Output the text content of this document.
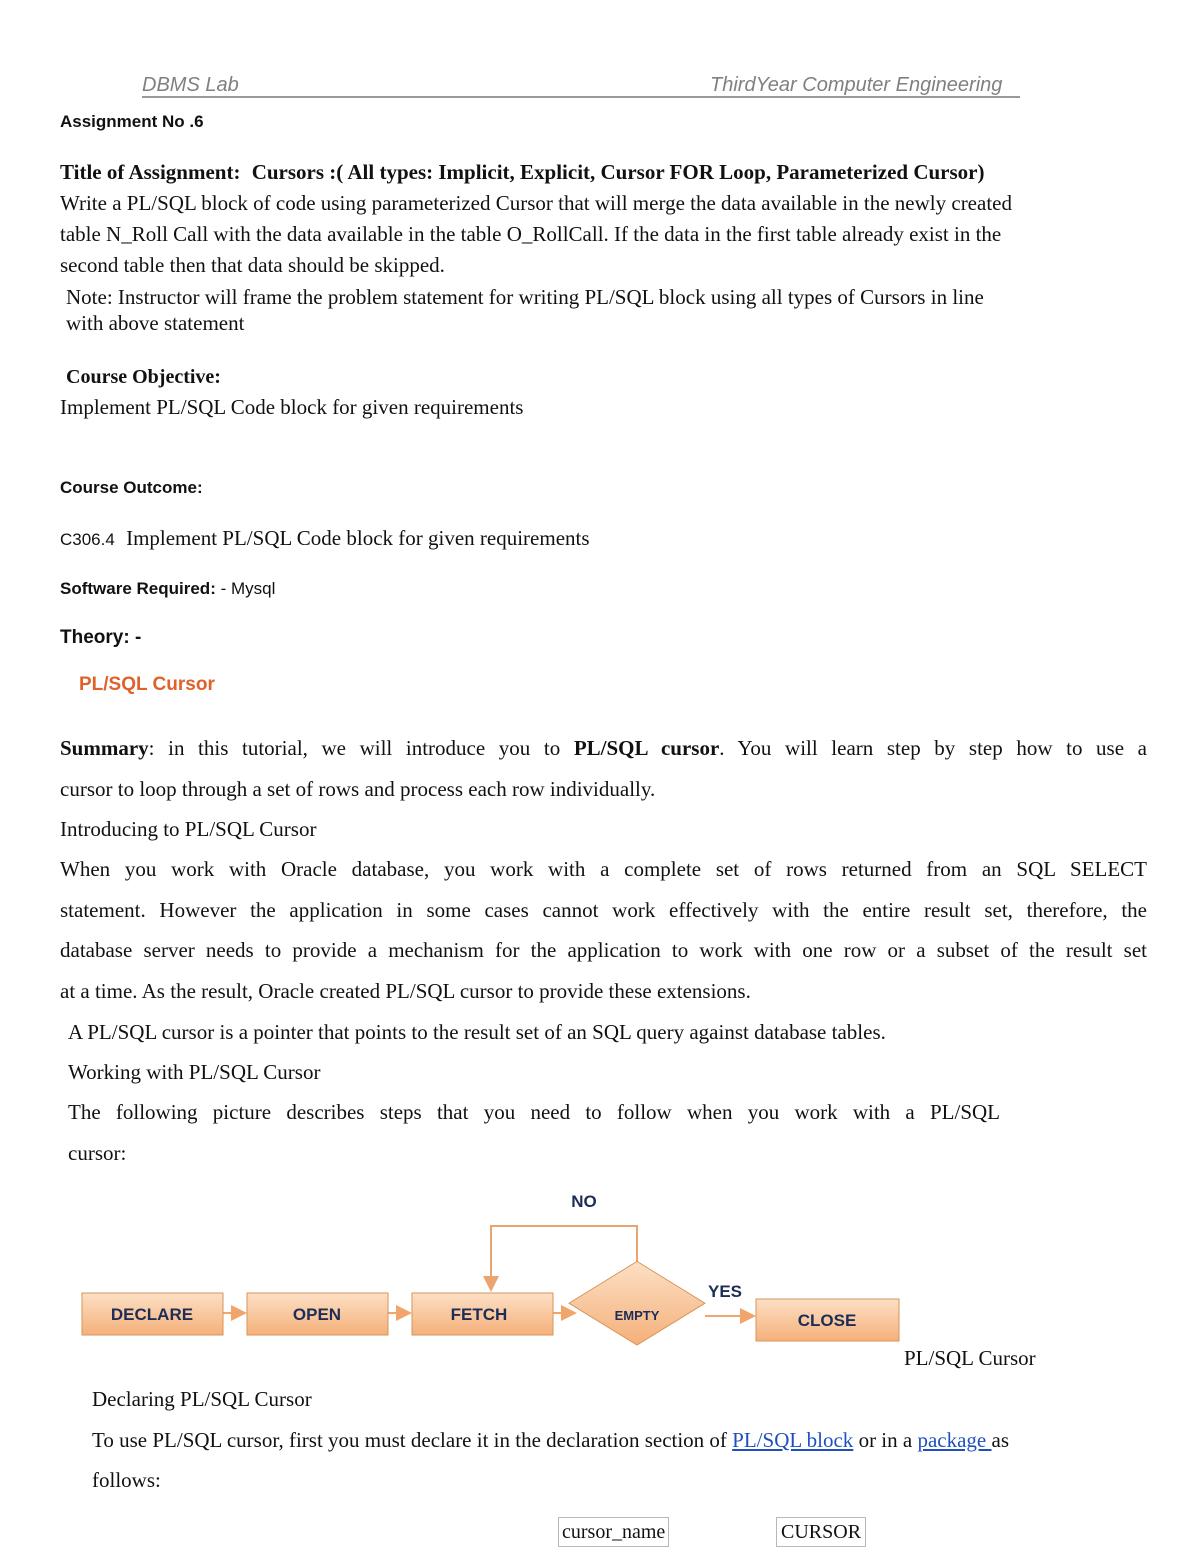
DBMS Lab	ThirdYear Computer Engineering
Assignment No .6
Title of Assignment: Cursors :( All types: Implicit, Explicit, Cursor FOR Loop, Parameterized Cursor)
Write a PL/SQL block of code using parameterized Cursor that will merge the data available in the newly created
table N_Roll Call with the data available in the table O_RollCall. If the data in the first table already exist in the
second table then that data should be skipped.
Note: Instructor will frame the problem statement for writing PL/SQL block using all types of Cursors in line
with above statement
Course Objective:
Implement PL/SQL Code block for given requirements
Course Outcome:
C306.4 Implement PL/SQL Code block for given requirements
Software Required: - Mysql
Theory: -
PL/SQL Cursor
Summary: in this tutorial, we will introduce you to PL/SQL cursor. You will learn step by step how to use a
cursor to loop through a set of rows and process each row individually.
Introducing to PL/SQL Cursor
When you work with Oracle database, you work with a complete set of rows returned from an SQL SELECT
statement. However the application in some cases cannot work effectively with the entire result set, therefore, the
database server needs to provide a mechanism for the application to work with one row or a subset of the result set
at a time. As the result, Oracle created PL/SQL cursor to provide these extensions.
A PL/SQL cursor is a pointer that points to the result set of an SQL query against database tables.
Working with PL/SQL Cursor
The following picture describes steps that you need to follow when you work with a PL/SQL
cursor:
DECLARE	OPEN	FETCH	EMPTY	CLOSE
NO
YES
PL/SQL Cursor
Declaring PL/SQL Cursor
To use PL/SQL cursor, first you must declare it in the declaration section of PL/SQL block or in a package as
follows:
cursor_name	CURSOR
